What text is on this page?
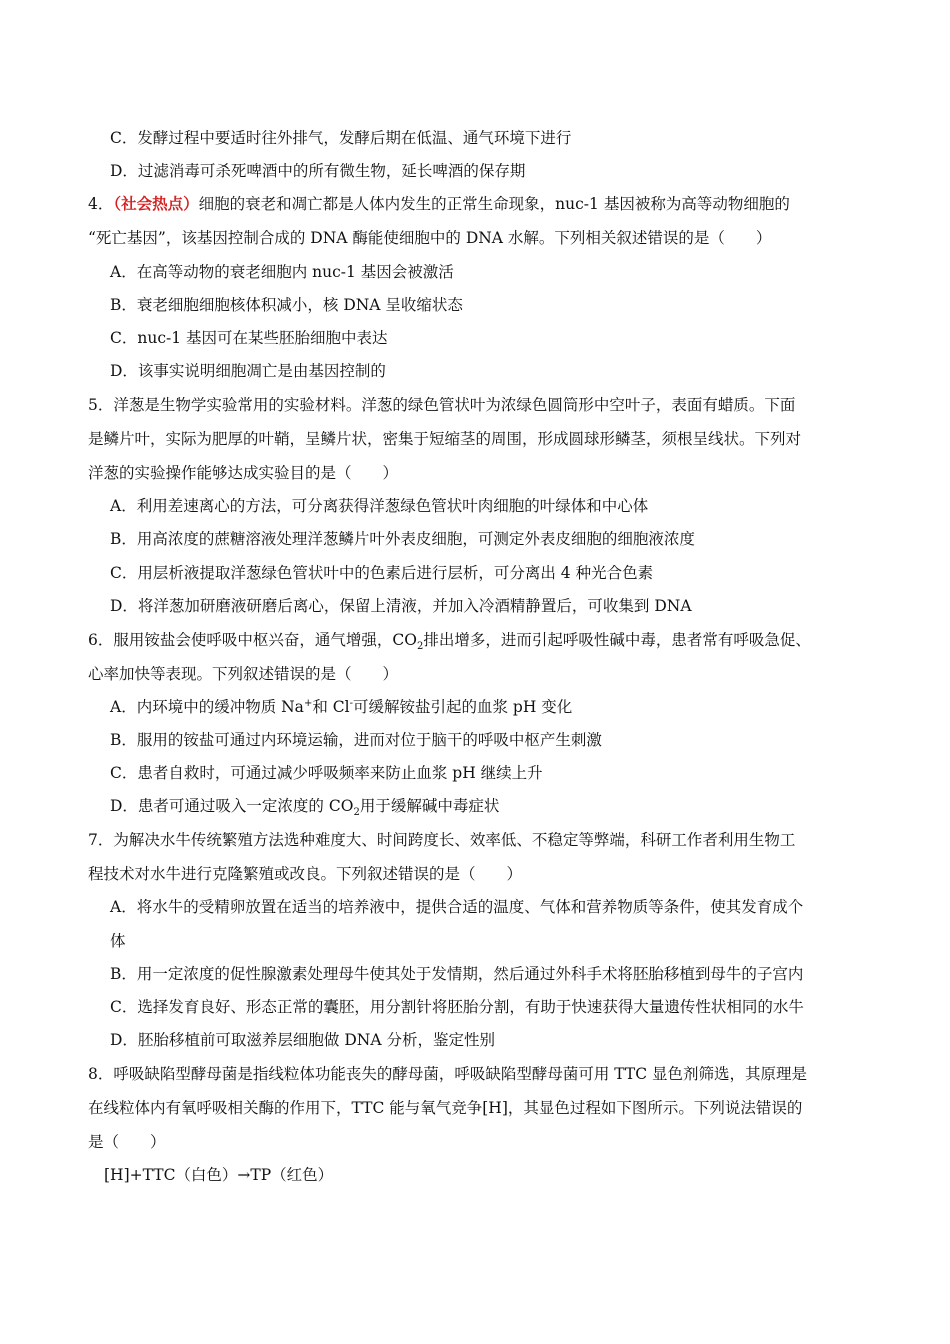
C．发酵过程中要适时往外排气，发酵后期在低温、通气环境下进行
D．过滤消毒可杀死啤酒中的所有微生物，延长啤酒的保存期
4．（社会热点）细胞的衰老和凋亡都是人体内发生的正常生命现象，nuc-1 基因被称为高等动物细胞的
“死亡基因”，该基因控制合成的 DNA 酶能使细胞中的 DNA 水解。下列相关叙述错误的是（　　）
A．在高等动物的衰老细胞内 nuc-1 基因会被激活
B．衰老细胞细胞核体积减小，核 DNA 呈收缩状态
C．nuc-1 基因可在某些胚胎细胞中表达
D．该事实说明细胞凋亡是由基因控制的
5．洋葱是生物学实验常用的实验材料。洋葱的绿色管状叶为浓绿色圆筒形中空叶子，表面有蜡质。下面
是鳞片叶，实际为肥厚的叶鞘，呈鳞片状，密集于短缩茎的周围，形成圆球形鳞茎，须根呈线状。下列对
洋葱的实验操作能够达成实验目的是（　　）
A．利用差速离心的方法，可分离获得洋葱绿色管状叶肉细胞的叶绿体和中心体
B．用高浓度的蔗糖溶液处理洋葱鳞片叶外表皮细胞，可测定外表皮细胞的细胞液浓度
C．用层析液提取洋葱绿色管状叶中的色素后进行层析，可分离出 4 种光合色素
D．将洋葱加研磨液研磨后离心，保留上清液，并加入冷酒精静置后，可收集到 DNA
6．服用铵盐会使呼吸中枢兴奋，通气增强，$CO_2$排出增多，进而引起呼吸性碱中毒，患者常有呼吸急促、
心率加快等表现。下列叙述错误的是（　　）
A．内环境中的缓冲物质 Na+和 Cl-可缓解铵盐引起的血浆 pH 变化
B．服用的铵盐可通过内环境运输，进而对位于脑干的呼吸中枢产生刺激
C．患者自救时，可通过减少呼吸频率来防止血浆 pH 继续上升
D．患者可通过吸入一定浓度的 $CO_2$用于缓解碱中毒症状
7．为解决水牛传统繁殖方法选种难度大、时间跨度长、效率低、不稳定等弊端，科研工作者利用生物工
程技术对水牛进行克隆繁殖或改良。下列叙述错误的是（　　）
A．将水牛的受精卵放置在适当的培养液中，提供合适的温度、气体和营养物质等条件，使其发育成个
体
B．用一定浓度的促性腺激素处理母牛使其处于发情期，然后通过外科手术将胚胎移植到母牛的子宫内
C．选择发育良好、形态正常的囊胚，用分割针将胚胎分割，有助于快速获得大量遗传性状相同的水牛
D．胚胎移植前可取滋养层细胞做 DNA 分析，鉴定性别
8．呼吸缺陷型酵母菌是指线粒体功能丧失的酵母菌，呼吸缺陷型酵母菌可用 TTC 显色剂筛选，其原理是
在线粒体内有氧呼吸相关酶的作用下，TTC 能与氧气竞争[H]，其显色过程如下图所示。下列说法错误的
是（　　）
[H]+TTC（白色）→TP（红色）
